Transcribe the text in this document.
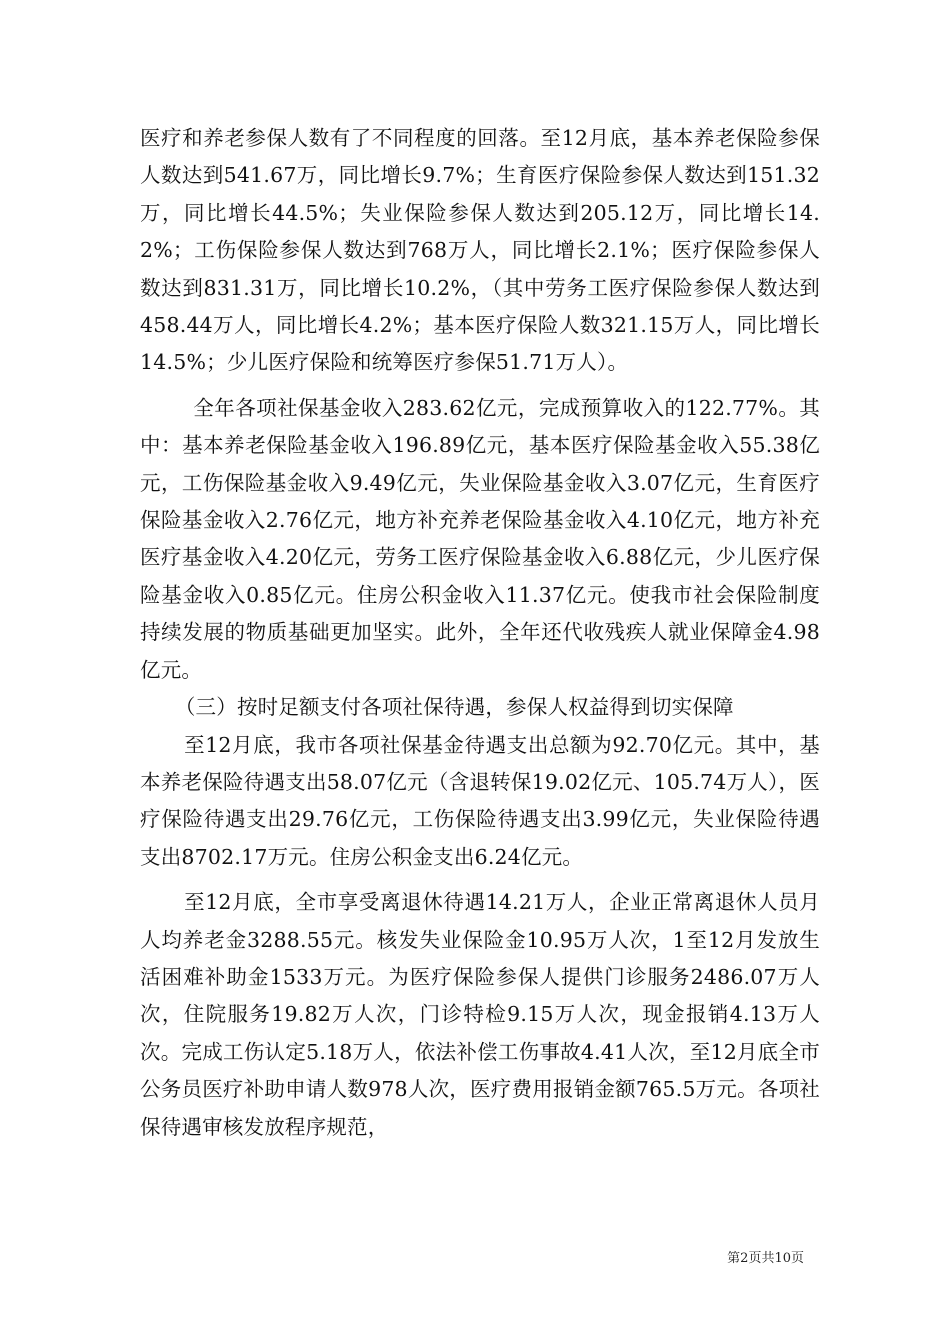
医疗和养老参保人数有了不同程度的回落。至12月底，基本养老保险参保人数达到541.67万，同比增长9.7%；生育医疗保险参保人数达到151.32万，同比增长44.5%；失业保险参保人数达到205.12万，同比增长14.2%；工伤保险参保人数达到768万人，同比增长2.1%；医疗保险参保人数达到831.31万，同比增长10.2%，（其中劳务工医疗保险参保人数达到458.44万人，同比增长4.2%；基本医疗保险人数321.15万人，同比增长14.5%；少儿医疗保险和统筹医疗参保51.71万人）。

全年各项社保基金收入283.62亿元，完成预算收入的122.77%。其中：基本养老保险基金收入196.89亿元，基本医疗保险基金收入55.38亿元，工伤保险基金收入9.49亿元，失业保险基金收入3.07亿元，生育医疗保险基金收入2.76亿元，地方补充养老保险基金收入4.10亿元，地方补充医疗基金收入4.20亿元，劳务工医疗保险基金收入6.88亿元，少儿医疗保险基金收入0.85亿元。住房公积金收入11.37亿元。使我市社会保险制度持续发展的物质基础更加坚实。此外，全年还代收残疾人就业保障金4.98亿元。

（三）按时足额支付各项社保待遇，参保人权益得到切实保障

至12月底，我市各项社保基金待遇支出总额为92.70亿元。其中，基本养老保险待遇支出58.07亿元（含退转保19.02亿元、105.74万人），医疗保险待遇支出29.76亿元，工伤保险待遇支出3.99亿元，失业保险待遇支出8702.17万元。住房公积金支出6.24亿元。

至12月底，全市享受离退休待遇14.21万人，企业正常离退休人员月人均养老金3288.55元。核发失业保险金10.95万人次，1至12月发放生活困难补助金1533万元。为医疗保险参保人提供门诊服务2486.07万人次，住院服务19.82万人次，门诊特检9.15万人次，现金报销4.13万人次。完成工伤认定5.18万人，依法补偿工伤事故4.41人次，至12月底全市公务员医疗补助申请人数978人次，医疗费用报销金额765.5万元。各项社保待遇审核发放程序规范，

第2页共10页
